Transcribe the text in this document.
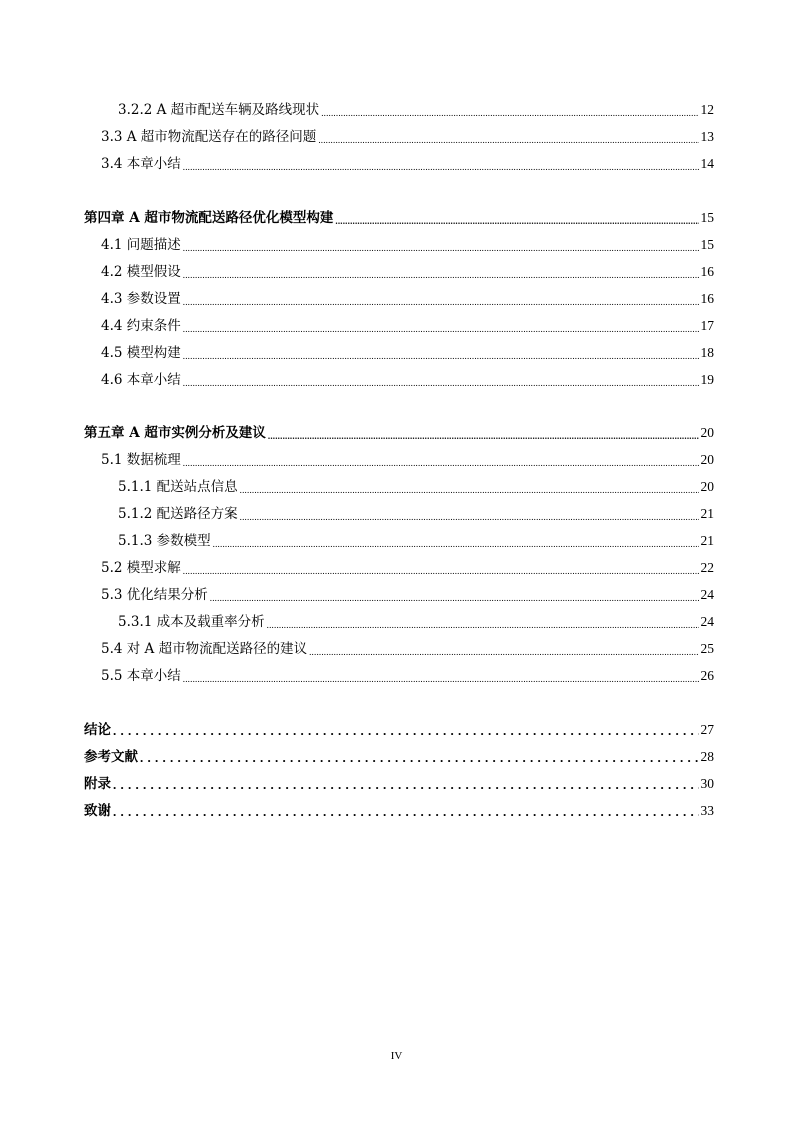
3.2.2 A 超市配送车辆及路线现状 .....	12
3.3 A 超市物流配送存在的路径问题 .....	13
3.4 本章小结 .....	14
第四章 A 超市物流配送路径优化模型构建 .....	15
4.1 问题描述 .....	15
4.2 模型假设 .....	16
4.3 参数设置 .....	16
4.4 约束条件 .....	17
4.5 模型构建 .....	18
4.6 本章小结 .....	19
第五章 A 超市实例分析及建议 .....	20
5.1 数据梳理 .....	20
5.1.1 配送站点信息 .....	20
5.1.2 配送路径方案 .....	21
5.1.3 参数模型 .....	21
5.2 模型求解 .....	22
5.3 优化结果分析 .....	24
5.3.1 成本及载重率分析 .....	24
5.4 对 A 超市物流配送路径的建议 .....	25
5.5 本章小结 .....	26
结论 . . .	27
参考文献 . . .	28
附录 . . .	30
致谢 . . .	33
IV
